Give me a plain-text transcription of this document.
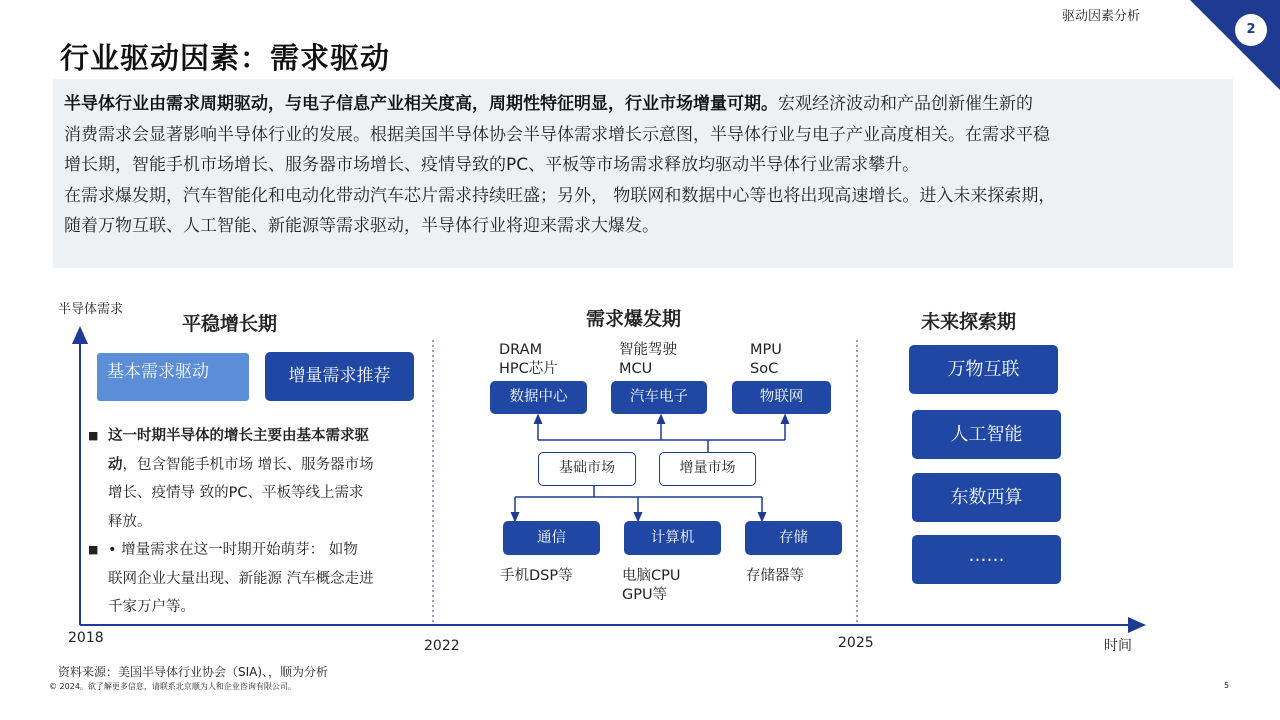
驱动因素分析
2
行业驱动因素：需求驱动
半导体行业由需求周期驱动，与电子信息产业相关度高，周期性特征明显，行业市场增量可期。宏观经济波动和产品创新催生新的
消费需求会显著影响半导体行业的发展。根据美国半导体协会半导体需求增长示意图，半导体行业与电子产业高度相关。在需求平稳
增长期，智能手机市场增长、服务器市场增长、疫情导致的PC、平板等市场需求释放均驱动半导体行业需求攀升。
在需求爆发期，汽车智能化和电动化带动汽车芯片需求持续旺盛；另外， 物联网和数据中心等也将出现高速增长。进入未来探索期，
随着万物互联、人工智能、新能源等需求驱动，半导体行业将迎来需求大爆发。
半导体需求
平稳增长期
基本需求驱动	增量需求推荐
■ 这一时期半导体的增长主要由基本需求驱
动，包含智能手机市场 增长、服务器市场
增长、疫情导 致的PC、平板等线上需求
释放。
■ • 增量需求在这一时期开始萌芽： 如物
联网企业大量出现、新能源 汽车概念走进
千家万户等。
需求爆发期
DRAM
HPC芯片
智能驾驶
MCU
MPU
SoC
数据中心	汽车电子	物联网
基础市场	增量市场
通信	计算机	存储
手机DSP等	电脑CPU
GPU等
存储器等
未来探索期
万物互联
人工智能
东数西算
……
2018	2022	2025	时间
资料来源：美国半导体行业协会（SIA)、，顺为分析
© 2024。欲了解更多信息，请联系北京顺为人和企业咨询有限公司。	5
